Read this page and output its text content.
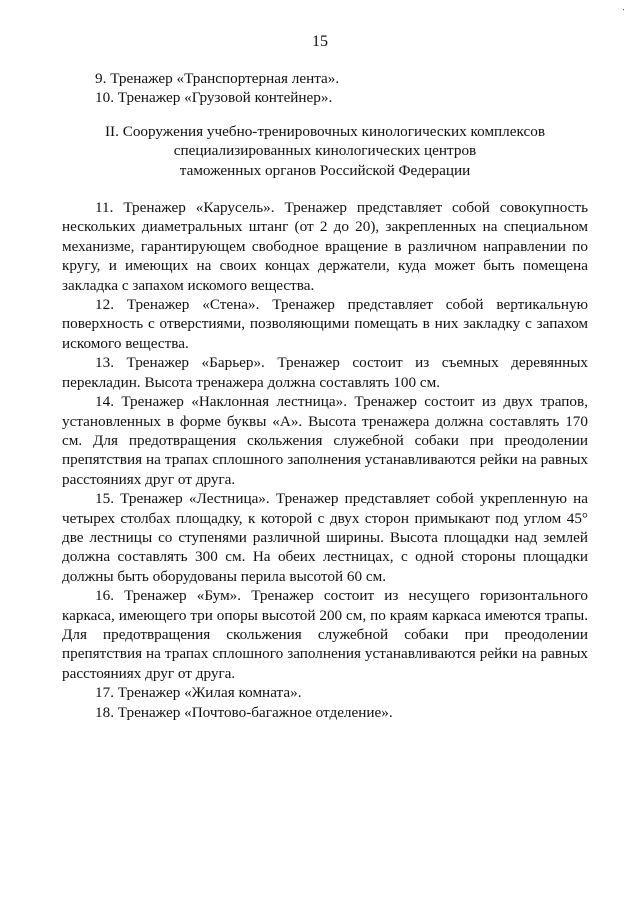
‧
15

9. Тренажер «Транспортерная лента».

10. Тренажер «Грузовой контейнер».

II. Сооружения учебно-тренировочных кинологических комплексов

специализированных кинологических центров

таможенных органов Российской Федерации

11. Тренажер «Карусель». Тренажер представляет собой совокупность нескольких диаметральных штанг (от 2 до 20), закрепленных на специальном механизме, гарантирующем свободное вращение в различном направлении по кругу, и имеющих на своих концах держатели, куда может быть помещена закладка с запахом искомого вещества.

12. Тренажер «Стена». Тренажер представляет собой вертикальную поверхность с отверстиями, позволяющими помещать в них закладку с запахом искомого вещества.

13. Тренажер «Барьер». Тренажер состоит из съемных деревянных перекладин. Высота тренажера должна составлять 100 см.

14. Тренажер «Наклонная лестница». Тренажер состоит из двух трапов, установленных в форме буквы «А». Высота тренажера должна составлять 170 см. Для предотвращения скольжения служебной собаки при преодолении препятствия на трапах сплошного заполнения устанавливаются рейки на равных расстояниях друг от друга.

15. Тренажер «Лестница». Тренажер представляет собой укрепленную на четырех столбах площадку, к которой с двух сторон примыкают под углом 45° две лестницы со ступенями различной ширины. Высота площадки над землей должна составлять 300 см. На обеих лестницах, с одной стороны площадки должны быть оборудованы перила высотой 60 см.

16. Тренажер «Бум». Тренажер состоит из несущего горизонтального каркаса, имеющего три опоры высотой 200 см, по краям каркаса имеются трапы. Для предотвращения скольжения служебной собаки при преодолении препятствия на трапах сплошного заполнения устанавливаются рейки на равных расстояниях друг от друга.

17. Тренажер «Жилая комната».

18. Тренажер «Почтово-багажное отделение».
